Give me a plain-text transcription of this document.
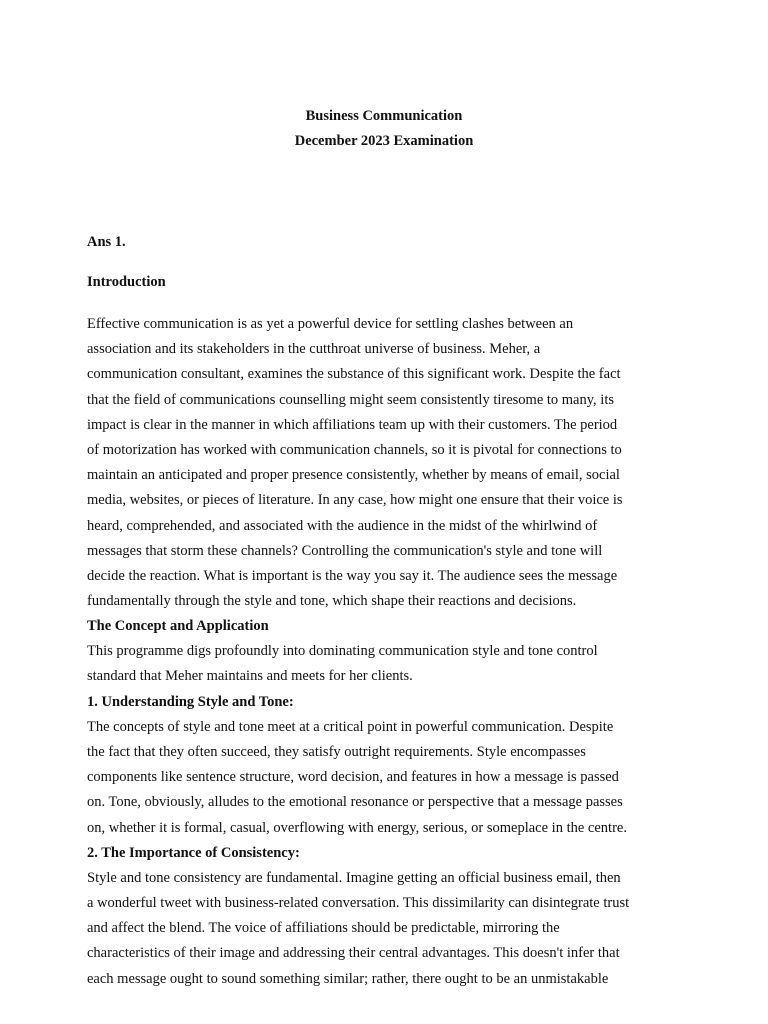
Business Communication
December 2023 Examination
Ans 1.
Introduction
Effective communication is as yet a powerful device for settling clashes between an
association and its stakeholders in the cutthroat universe of business. Meher, a
communication consultant, examines the substance of this significant work. Despite the fact
that the field of communications counselling might seem consistently tiresome to many, its
impact is clear in the manner in which affiliations team up with their customers. The period
of motorization has worked with communication channels, so it is pivotal for connections to
maintain an anticipated and proper presence consistently, whether by means of email, social
media, websites, or pieces of literature. In any case, how might one ensure that their voice is
heard, comprehended, and associated with the audience in the midst of the whirlwind of
messages that storm these channels? Controlling the communication's style and tone will
decide the reaction. What is important is the way you say it. The audience sees the message
fundamentally through the style and tone, which shape their reactions and decisions.
The Concept and Application
This programme digs profoundly into dominating communication style and tone control
standard that Meher maintains and meets for her clients.
1. Understanding Style and Tone:
The concepts of style and tone meet at a critical point in powerful communication. Despite
the fact that they often succeed, they satisfy outright requirements. Style encompasses
components like sentence structure, word decision, and features in how a message is passed
on. Tone, obviously, alludes to the emotional resonance or perspective that a message passes
on, whether it is formal, casual, overflowing with energy, serious, or someplace in the centre.
2. The Importance of Consistency:
Style and tone consistency are fundamental. Imagine getting an official business email, then
a wonderful tweet with business-related conversation. This dissimilarity can disintegrate trust
and affect the blend. The voice of affiliations should be predictable, mirroring the
characteristics of their image and addressing their central advantages. This doesn't infer that
each message ought to sound something similar; rather, there ought to be an unmistakable
